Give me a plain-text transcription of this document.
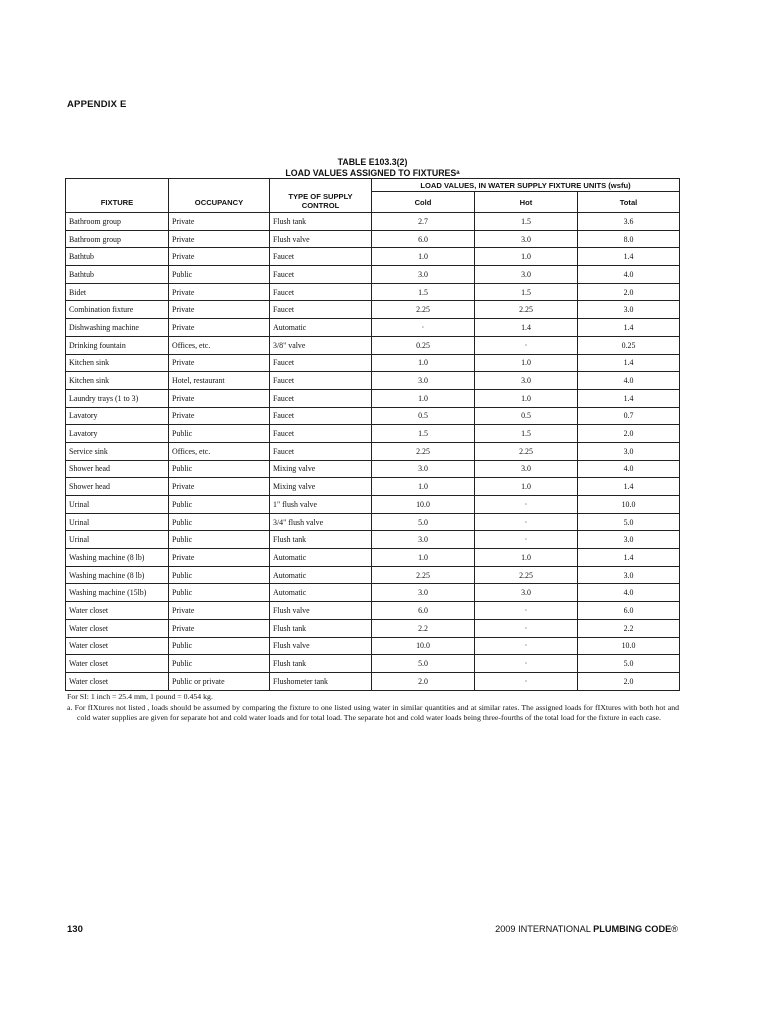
APPENDIX E
TABLE E103.3(2)
LOAD VALUES ASSIGNED TO FIXTURES$^a$
FIXTURE	OCCUPANCY	TYPE OF SUPPLY
CONTROL	LOAD VALUES, IN WATER SUPPLY FIXTURE UNITS (wsfu)		
			Cold	Hot	Total
Bathroom group	Private	Flush tank	2.7	1.5	3.6
Bathroom group	Private	Flush valve	6.0	3.0	8.0
Bathtub	Private	Faucet	1.0	1.0	1.4
Bathtub	Public	Faucet	3.0	3.0	4.0
Bidet	Private	Faucet	1.5	1.5	2.0
Combination fixture	Private	Faucet	2.25	2.25	3.0
Dishwashing machine	Private	Automatic	·	1.4	1.4
Drinking fountain	Offices, etc.	3/8" valve	0.25	·	0.25
Kitchen sink	Private	Faucet	1.0	1.0	1.4
Kitchen sink	Hotel, restaurant	Faucet	3.0	3.0	4.0
Laundry trays (1 to 3)	Private	Faucet	1.0	1.0	1.4
Lavatory	Private	Faucet	0.5	0.5	0.7
Lavatory	Public	Faucet	1.5	1.5	2.0
Service sink	Offices, etc.	Faucet	2.25	2.25	3.0
Shower head	Public	Mixing valve	3.0	3.0	4.0
Shower head	Private	Mixing valve	1.0	1.0	1.4
Urinal	Public	1" flush valve	10.0	·	10.0
Urinal	Public	3/4" flush valve	5.0	·	5.0
Urinal	Public	Flush tank	3.0	·	3.0
Washing machine (8 lb)	Private	Automatic	1.0	1.0	1.4
Washing machine (8 lb)	Public	Automatic	2.25	2.25	3.0
Washing machine (15lb)	Public	Automatic	3.0	3.0	4.0
Water closet	Private	Flush valve	6.0	·	6.0
Water closet	Private	Flush tank	2.2	·	2.2
Water closet	Public	Flush valve	10.0	·	10.0
Water closet	Public	Flush tank	5.0	·	5.0
Water closet	Public or private	Flushometer tank	2.0	·	2.0
For SI: 1 inch = 25.4 mm, 1 pound = 0.454 kg.
a. For fIXtures not listed , loads should be assumed by comparing the fixture to one listed using water in similar quantities and at similar rates. The assigned loads for fIXtures with both hot and cold water supplies are given for separate hot and cold water loads and for total load. The separate hot and cold water loads being three-fourths of the total load for the fixture in each case.
130	2009 INTERNATIONAL PLUMBING CODE®
